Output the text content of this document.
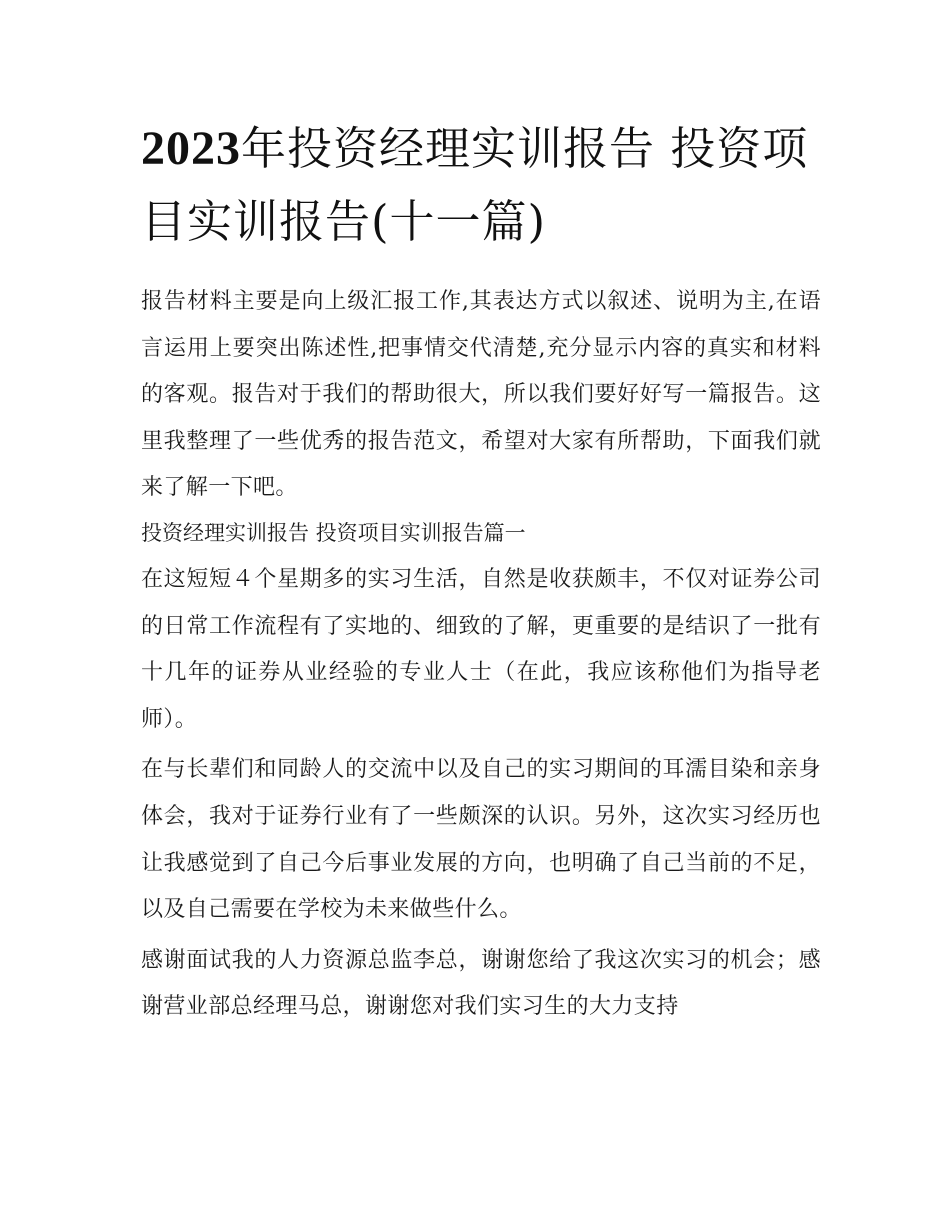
2023年投资经理实训报告 投资项目实训报告(十一篇)

报告材料主要是向上级汇报工作,其表达方式以叙述、说明为主,在语言运用上要突出陈述性,把事情交代清楚,充分显示内容的真实和材料的客观。报告对于我们的帮助很大，所以我们要好好写一篇报告。这里我整理了一些优秀的报告范文，希望对大家有所帮助，下面我们就来了解一下吧。

投资经理实训报告 投资项目实训报告篇一

在这短短４个星期多的实习生活，自然是收获颇丰，不仅对证券公司的日常工作流程有了实地的、细致的了解，更重要的是结识了一批有十几年的证券从业经验的专业人士（在此，我应该称他们为指导老师）。

在与长辈们和同龄人的交流中以及自己的实习期间的耳濡目染和亲身体会，我对于证券行业有了一些颇深的认识。另外，这次实习经历也让我感觉到了自己今后事业发展的方向，也明确了自己当前的不足，以及自己需要在学校为未来做些什么。

感谢面试我的人力资源总监李总，谢谢您给了我这次实习的机会；感谢营业部总经理马总，谢谢您对我们实习生的大力支持
